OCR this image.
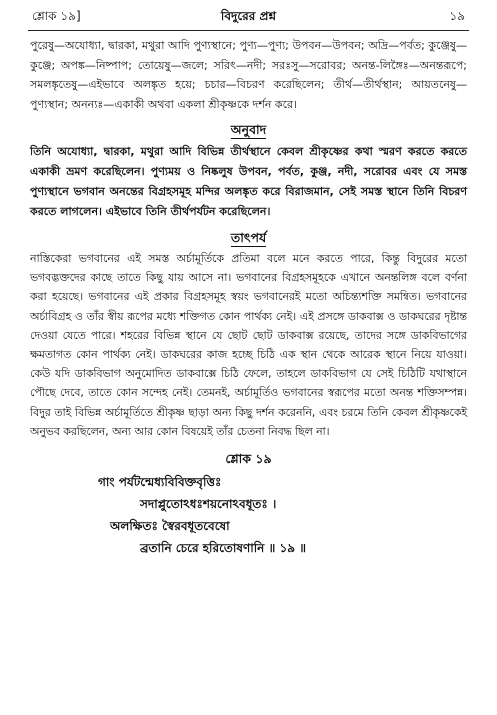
শ্লোক ১৯]	বিদুরের প্রশ্ন	১৯

পুরেষু—অযোধ্যা, দ্বারকা, মথুরা আদি পুণ্যস্থানে; পুণ্য—পুণ্য; উপবন—উপবন; অদ্রি—পর্বত; কুঞ্জেষু—কুঞ্জে; অপঙ্ক—নিষ্পাপ; তোয়েষু—জলে; সরিৎ—নদী; সরঃসু—সরোবর; অনন্ত-লিঙ্গৈঃ—অনন্তরূপে; সমলঙ্কৃতেষু—এইভাবে অলঙ্কৃত হয়ে; চচার—বিচরণ করেছিলেন; তীর্থ—তীর্থস্থান; আয়তনেষু—পুণ্যস্থান; অনন্যঃ—একাকী অথবা একলা শ্রীকৃষ্ণকে দর্শন করে।

অনুবাদ

তিনি অযোধ্যা, দ্বারকা, মথুরা আদি বিভিন্ন তীর্থস্থানে কেবল শ্রীকৃষ্ণের কথা স্মরণ করতে করতে একাকী ভ্রমণ করেছিলেন। পুণ্যময় ও নিষ্কলুষ উপবন, পর্বত, কুঞ্জ, নদী, সরোবর এবং যে সমস্ত পুণ্যস্থানে ভগবান অনন্তের বিগ্রহসমূহ মন্দির অলঙ্কৃত করে বিরাজমান, সেই সমস্ত স্থানে তিনি বিচরণ করতে লাগলেন। এইভাবে তিনি তীর্থপর্যটন করেছিলেন।

তাৎপর্য

নাস্তিকেরা ভগবানের এই সমস্ত অর্চামূর্তিকে প্রতিমা বলে মনে করতে পারে, কিন্তু বিদুরের মতো ভগবদ্ভক্তদের কাছে তাতে কিছু যায় আসে না। ভগবানের বিগ্রহসমূহকে এখানে অনন্তলিঙ্গ বলে বর্ণনা করা হয়েছে। ভগবানের এই প্রকার বিগ্রহসমূহ স্বয়ং ভগবানেরই মতো অচিন্ত্যশক্তি সমন্বিত। ভগবানের অর্চাবিগ্রহ ও তাঁর স্বীয় রূপের মধ্যে শক্তিগত কোন পার্থক্য নেই। এই প্রসঙ্গে ডাকবাক্স ও ডাকঘরের দৃষ্টান্ত দেওয়া যেতে পারে। শহরের বিভিন্ন স্থানে যে ছোট ছোট ডাকবাক্স রয়েছে, তাদের সঙ্গে ডাকবিভাগের ক্ষমতাগত কোন পার্থক্য নেই। ডাকঘরের কাজ হচ্ছে চিঠি এক স্থান থেকে আরেক স্থানে নিয়ে যাওয়া। কেউ যদি ডাকবিভাগ অনুমোদিত ডাকবাক্সে চিঠি ফেলে, তাহলে ডাকবিভাগ যে সেই চিঠিটি যথাস্থানে পৌছে দেবে, তাতে কোন সন্দেহ নেই। তেমনই, অর্চামূর্তিও ভগবানের স্বরূপের মতো অনন্ত শক্তিসম্পন্ন। বিদুর তাই বিভিন্ন অর্চামূর্তিতে শ্রীকৃষ্ণ ছাড়া অন্য কিছু দর্শন করেননি, এবং চরমে তিনি কেবল শ্রীকৃষ্ণকেই অনুভব করছিলেন, অন্য আর কোন বিষয়েই তাঁর চেতনা নিবদ্ধ ছিল না।

শ্লোক ১৯
গাং পর্যটন্মেধ্যবিবিক্তবৃত্তিঃ
সদাপ্লুতোঽধঃশয়নোঽবধূতঃ ।
অলক্ষিতঃ স্বৈরবধূতবেষো
ব্রতানি চেরে হরিতোষণানি ॥ ১৯ ॥
